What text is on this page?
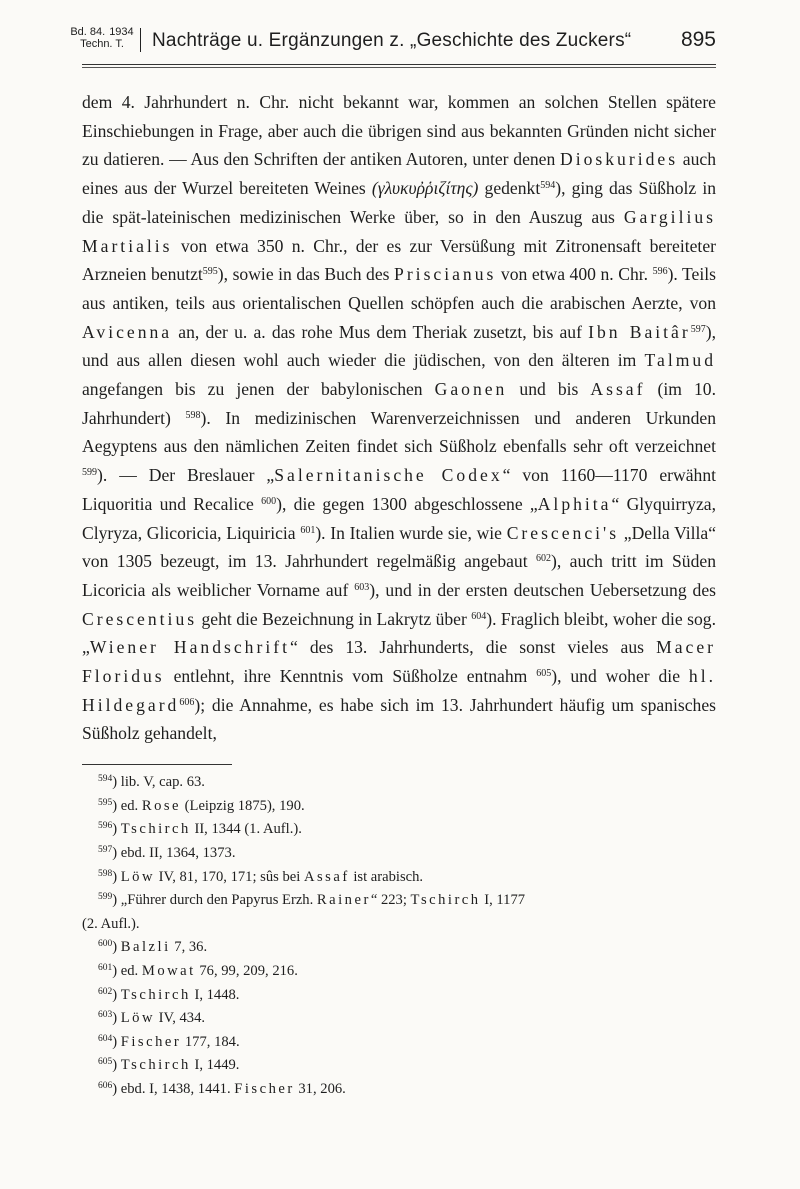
Bd. 84. 1934
Techn. T.	Nachträge u. Ergänzungen z. „Geschichte des Zuckers“ 895
dem 4. Jahrhundert n. Chr. nicht bekannt war, kommen an solchen Stellen spätere Einschiebungen in Frage, aber auch die übrigen sind aus bekannten Gründen nicht sicher zu datieren. — Aus den Schriften der antiken Autoren, unter denen Dioskurides auch eines aus der Wurzel bereiteten Weines (γλυκυῤῥιζίτης) gedenkt$^{594}$), ging das Süßholz in die spät-lateinischen medizinischen Werke über, so in den Auszug aus Gargilius Martialis von etwa 350 n. Chr., der es zur Versüßung mit Zitronensaft bereiteter Arzneien benutzt$^{595}$), sowie in das Buch des Priscianus von etwa 400 n. Chr. $^{596}$). Teils aus antiken, teils aus orientalischen Quellen schöpfen auch die arabischen Aerzte, von Avicenna an, der u. a. das rohe Mus dem Theriak zusetzt, bis auf Ibn Baitâr$^{597}$), und aus allen diesen wohl auch wieder die jüdischen, von den älteren im Talmud angefangen bis zu jenen der babylonischen Gaonen und bis Assaf (im 10. Jahrhundert) $^{598}$). In medizinischen Warenverzeichnissen und anderen Urkunden Aegyptens aus den nämlichen Zeiten findet sich Süßholz ebenfalls sehr oft verzeichnet $^{599}$). — Der Breslauer „Salernitanische Codex“ von 1160—1170 erwähnt Liquoritia und Recalice $^{600}$), die gegen 1300 abgeschlossene „Alphita“ Glyquirryza, Clyryza, Glicoricia, Liquiricia $^{601}$). In Italien wurde sie, wie Crescenci's „Della Villa“ von 1305 bezeugt, im 13. Jahrhundert regelmäßig angebaut $^{602}$), auch tritt im Süden Licoricia als weiblicher Vorname auf $^{603}$), und in der ersten deutschen Uebersetzung des Crescentius geht die Bezeichnung in Lakrytz über $^{604}$). Fraglich bleibt, woher die sog. „Wiener Handschrift“ des 13. Jahrhunderts, die sonst vieles aus Macer Floridus entlehnt, ihre Kenntnis vom Süßholze entnahm $^{605}$), und woher die hl. Hildegard$^{606}$); die Annahme, es habe sich im 13. Jahrhundert häufig um spanisches Süßholz gehandelt,
$^{594}$) lib. V, cap. 63.
$^{595}$) ed. Rose (Leipzig 1875), 190.
$^{596}$) Tschirch II, 1344 (1. Aufl.).
$^{597}$) ebd. II, 1364, 1373.
$^{598}$) Löw IV, 81, 170, 171; sûs bei Assaf ist arabisch.
$^{599}$) „Führer durch den Papyrus Erzh. Rainer“ 223; Tschirch I, 1177
(2. Aufl.).
$^{600}$) Balzli 7, 36.
$^{601}$) ed. Mowat 76, 99, 209, 216.
$^{602}$) Tschirch I, 1448.
$^{603}$) Löw IV, 434.
$^{604}$) Fischer 177, 184.
$^{605}$) Tschirch I, 1449.
$^{606}$) ebd. I, 1438, 1441. Fischer 31, 206.
